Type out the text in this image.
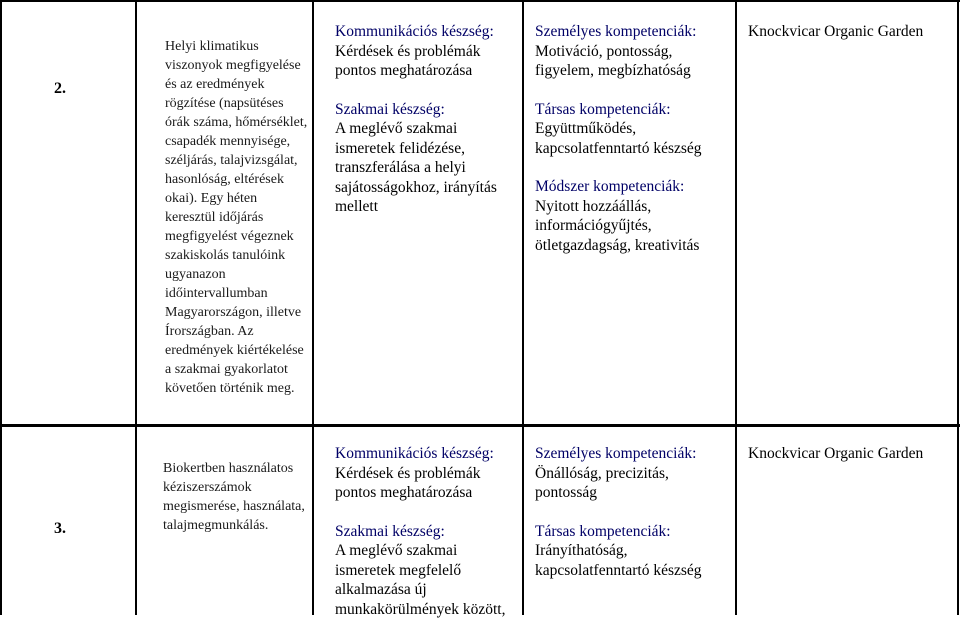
2.
Helyi klimatikus
viszonyok megfigyelése
és az eredmények
rögzítése (napsütéses
órák száma, hőmérséklet,
csapadék mennyisége,
széljárás, talajvizsgálat,
hasonlóság, eltérések
okai). Egy héten
keresztül időjárás
megfigyelést végeznek
szakiskolás tanulóink
ugyanazon
időintervallumban
Magyarországon, illetve
Írországban. Az
eredmények kiértékelése
a szakmai gyakorlatot
követően történik meg.
Kommunikációs készség:
Kérdések és problémák
pontos meghatározása
Szakmai készség:
A meglévő szakmai
ismeretek felidézése,
transzferálása a helyi
sajátosságokhoz, irányítás
mellett
Személyes kompetenciák:
Motiváció, pontosság,
figyelem, megbízhatóság
Társas kompetenciák:
Együttműködés,
kapcsolatfenntartó készség
Módszer kompetenciák:
Nyitott hozzáállás,
információgyűjtés,
ötletgazdagság, kreativitás
Knockvicar Organic Garden
3.
Biokertben használatos
kéziszerszámok
megismerése, használata,
talajmegmunkálás.
Kommunikációs készség:
Kérdések és problémák
pontos meghatározása
Szakmai készség:
A meglévő szakmai
ismeretek megfelelő
alkalmazása új
munkakörülmények között,
Személyes kompetenciák:
Önállóság, precizitás,
pontosság
Társas kompetenciák:
Irányíthatóság,
kapcsolatfenntartó készség
Knockvicar Organic Garden
